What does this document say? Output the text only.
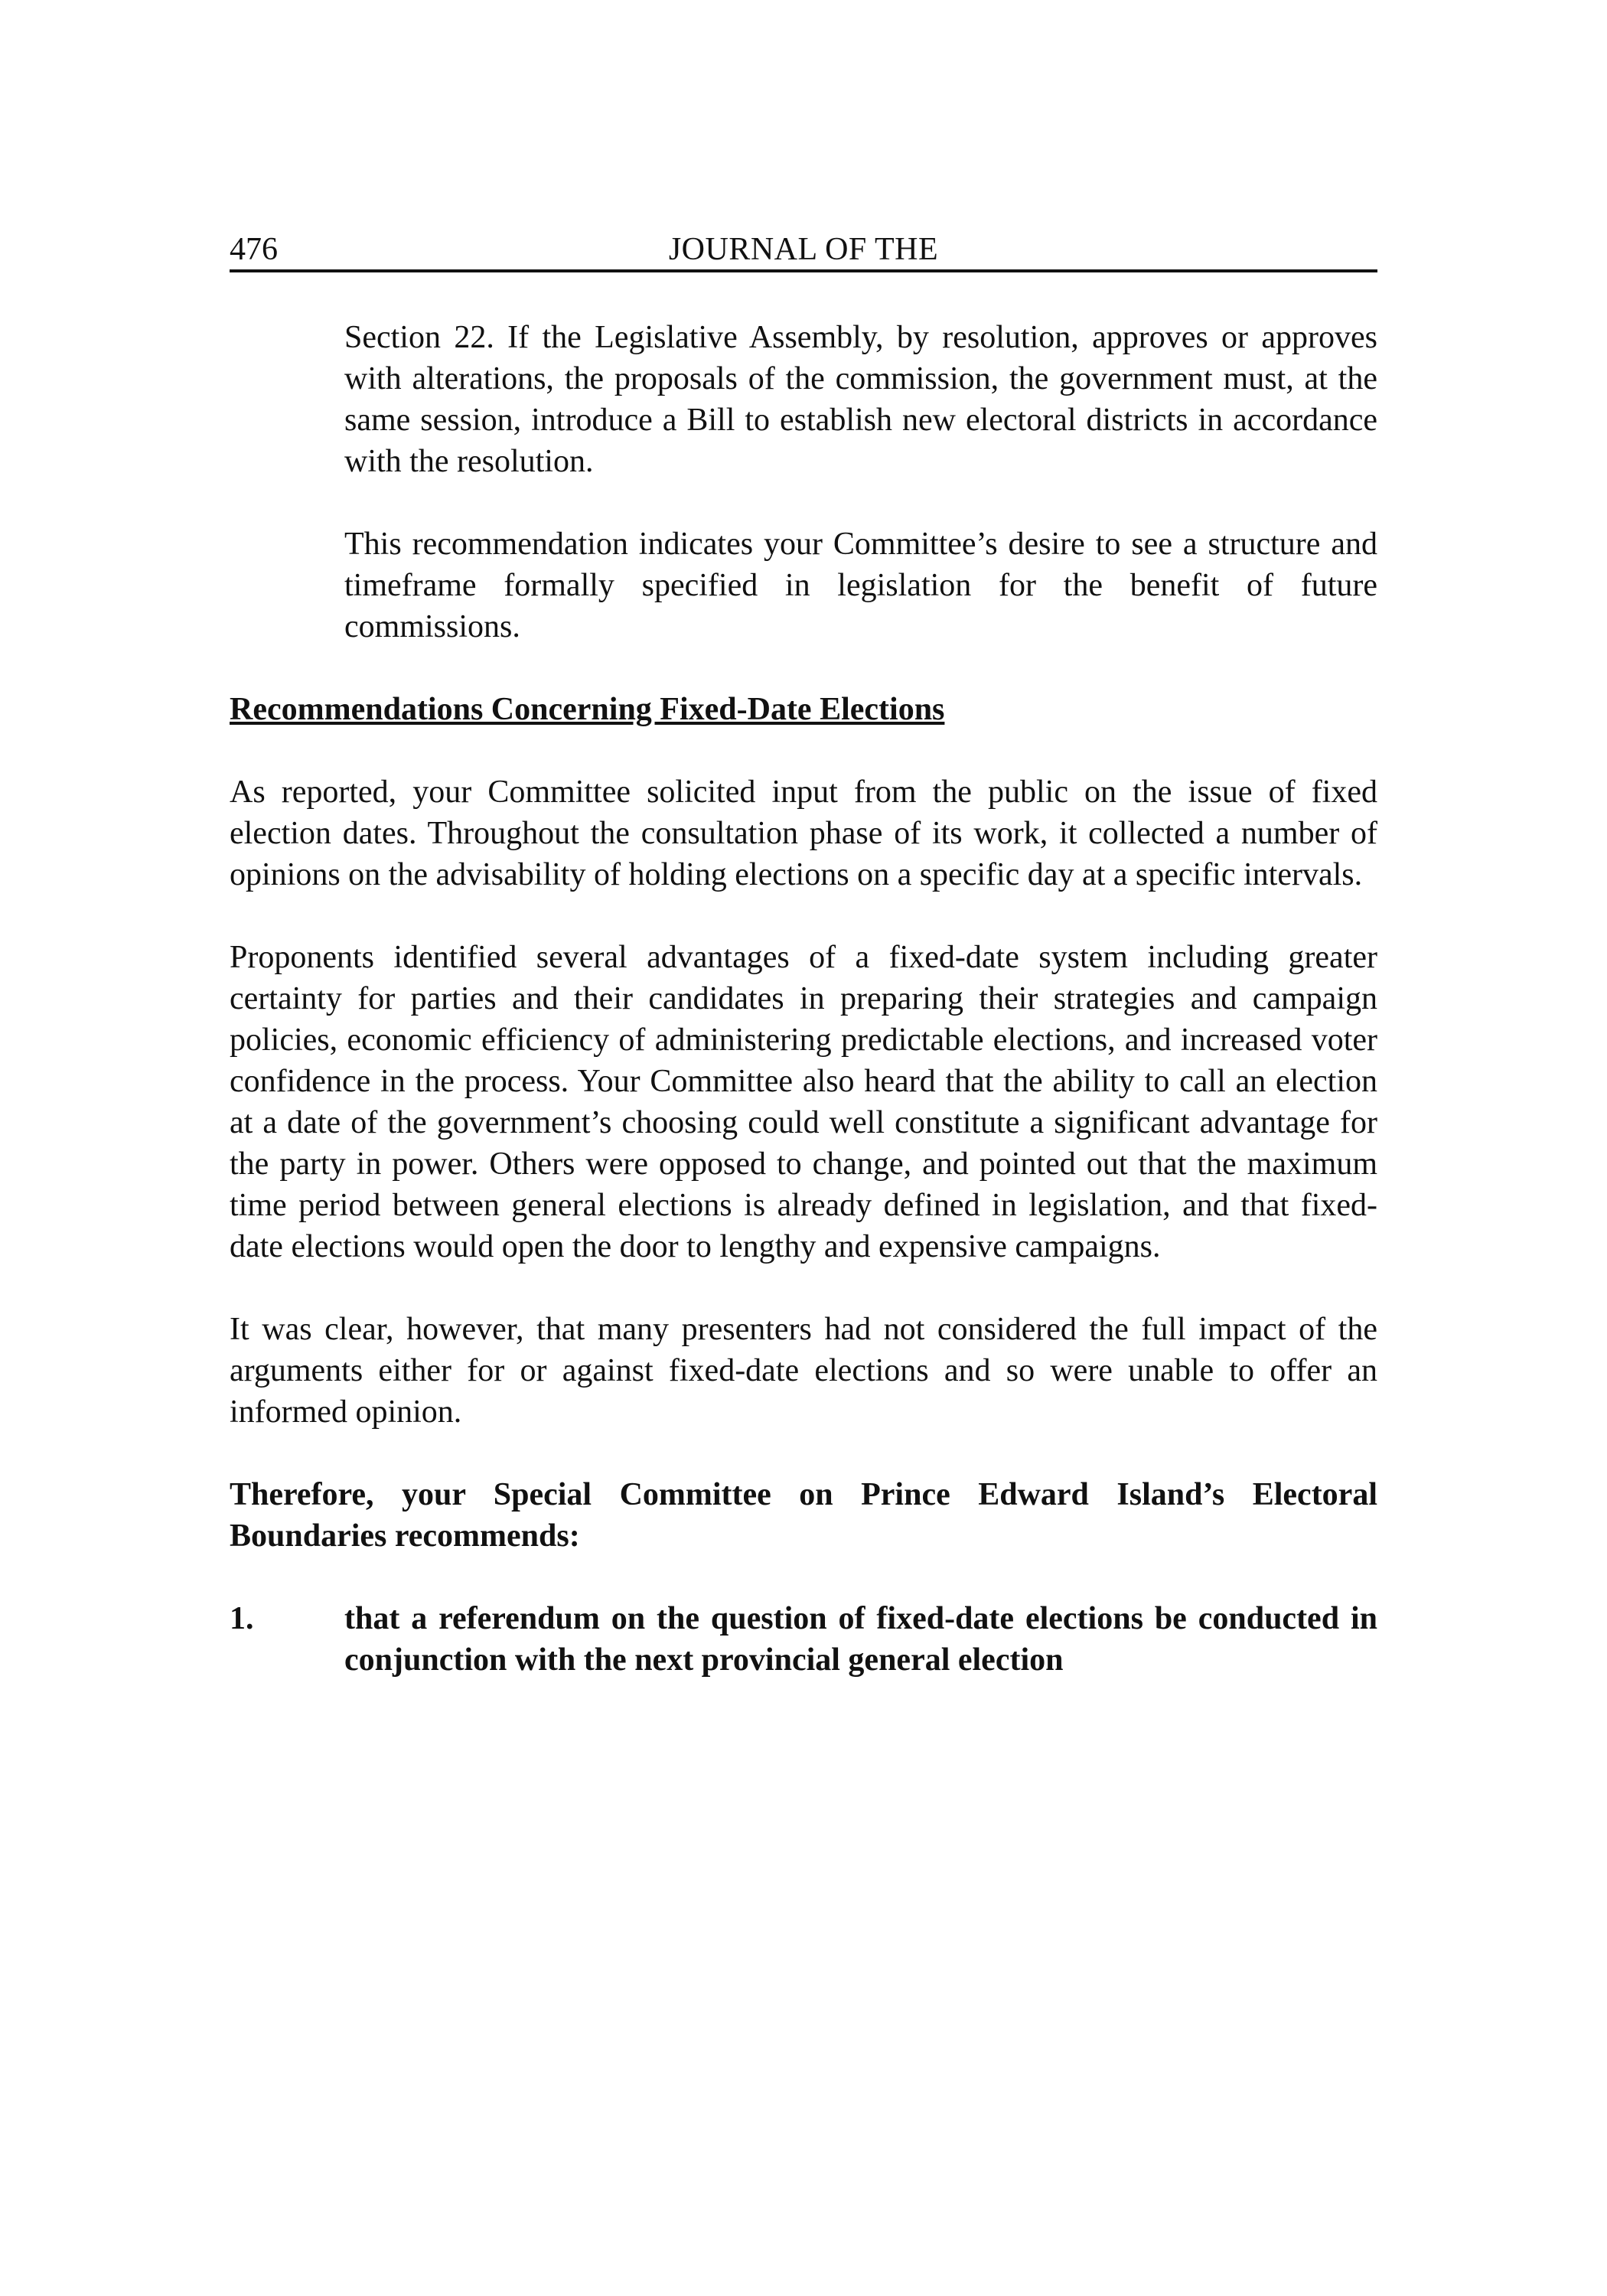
476	JOURNAL OF THE

Section 22. If the Legislative Assembly, by resolution, approves or approves with alterations, the proposals of the commission, the government must, at the same session, introduce a Bill to establish new electoral districts in accordance with the resolution.

This recommendation indicates your Committee’s desire to see a structure and timeframe formally specified in legislation for the benefit of future commissions.

Recommendations Concerning Fixed-Date Elections

As reported, your Committee solicited input from the public on the issue of fixed election dates. Throughout the consultation phase of its work, it collected a number of opinions on the advisability of holding elections on a specific day at a specific intervals.

Proponents identified several advantages of a fixed-date system including greater certainty for parties and their candidates in preparing their strategies and campaign policies, economic efficiency of administering predictable elections, and increased voter confidence in the process. Your Committee also heard that the ability to call an election at a date of the government’s choosing could well constitute a significant advantage for the party in power. Others were opposed to change, and pointed out that the maximum time period between general elections is already defined in legislation, and that fixed-date elections would open the door to lengthy and expensive campaigns.

It was clear, however, that many presenters had not considered the full impact of the arguments either for or against fixed-date elections and so were unable to offer an informed opinion.

Therefore, your Special Committee on Prince Edward Island’s Electoral Boundaries recommends:

1.	that a referendum on the question of fixed-date elections be conducted in conjunction with the next provincial general election
